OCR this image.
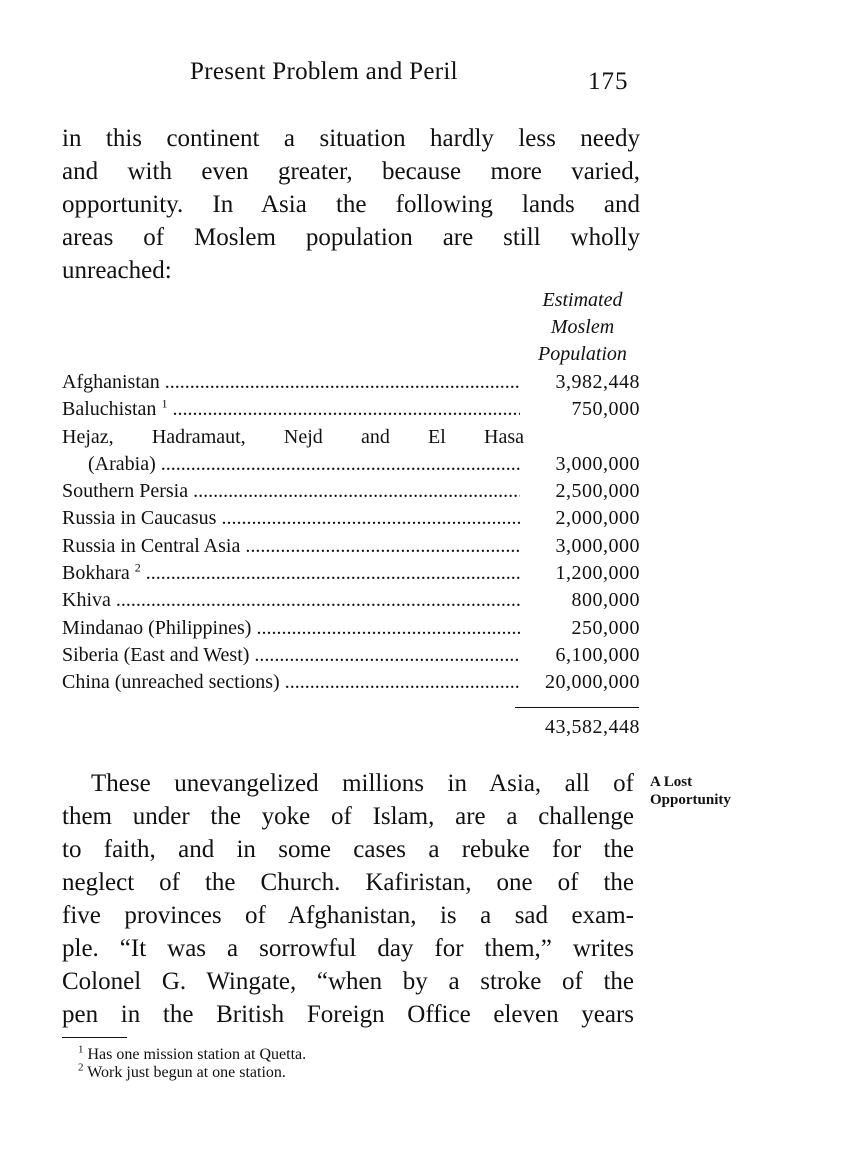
Present Problem and Peril	175

in this continent a situation hardly less needy
and with even greater, because more varied,
opportunity. In Asia the following lands and
areas of Moslem population are still wholly
unreached:

Estimated
Moslem
Population
Afghanistan .....	3,982,448
Baluchistan $^1$ .....	750,000
Hejaz, Hadramaut, Nejd and El Hasa
(Arabia) .....	3,000,000
Southern Persia .....	2,500,000
Russia in Caucasus .....	2,000,000
Russia in Central Asia .....	3,000,000
Bokhara $^2$ .....	1,200,000
Khiva .....	800,000
Mindanao (Philippines) .....	250,000
Siberia (East and West) .....	6,100,000
China (unreached sections) .....	20,000,000
43,582,448

These unevangelized millions in Asia, all of
them under the yoke of Islam, are a challenge
to faith, and in some cases a rebuke for the
neglect of the Church. Kafiristan, one of the
five provinces of Afghanistan, is a sad exam-
ple. “It was a sorrowful day for them,” writes
Colonel G. Wingate, “when by a stroke of the
pen in the British Foreign Office eleven years

A Lost
Opportunity
$^1$ Has one mission station at Quetta.
$^2$ Work just begun at one station.
